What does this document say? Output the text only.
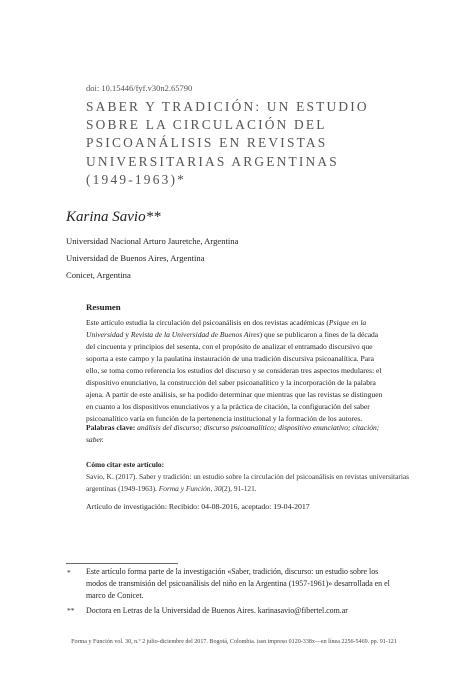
doi: 10.15446/fyf.v30n2.65790
SABER Y TRADICIÓN: UN ESTUDIO
SOBRE LA CIRCULACIÓN DEL
PSICOANÁLISIS EN REVISTAS
UNIVERSITARIAS ARGENTINAS
(1949-1963)*
Karina Savio**
Universidad Nacional Arturo Jauretche, Argentina
Universidad de Buenos Aires, Argentina
Conicet, Argentina
Resumen
Este artículo estudia la circulación del psicoanálisis en dos revistas académicas (Psique en la
Universidad y Revista de la Universidad de Buenos Aires) que se publicaron a fines de la década
del cincuenta y principios del sesenta, con el propósito de analizar el entramado discursivo que
soporta a este campo y la paulatina instauración de una tradición discursiva psicoanalítica. Para
ello, se toma como referencia los estudios del discurso y se consideran tres aspectos medulares: el
dispositivo enunciativo, la construcción del saber psicoanalítico y la incorporación de la palabra
ajena. A partir de este análisis, se ha podido determinar que mientras que las revistas se distinguen
en cuanto a los dispositivos enunciativos y a la práctica de citación, la configuración del saber
psicoanalítico varía en función de la pertenencia institucional y la formación de los autores.
Palabras clave: análisis del discurso; discurso psicoanalítico; dispositivo enunciativo; citación;
saber.
Cómo citar este artículo:
Savio, K. (2017). Saber y tradición: un estudio sobre la circulación del psicoanálisis en revistas universitarias
argentinas (1949-1963). Forma y Función, 30(2), 91-121.
Artículo de investigación: Recibido: 04-08-2016, aceptado: 19-04-2017
* Este artículo forma parte de la investigación «Saber, tradición, discurso: un estudio sobre los
modos de transmisión del psicoanálisis del niño en la Argentina (1957-1961)» desarrollada en el
marco de Conicet.
** Doctora en Letras de la Universidad de Buenos Aires. karinasavio@fibertel.com.ar
Forma y Función vol. 30, n.º 2 julio-diciembre del 2017. Bogotá, Colombia. issn impreso 0120-338x—en línea 2256-5469. pp. 91-121
